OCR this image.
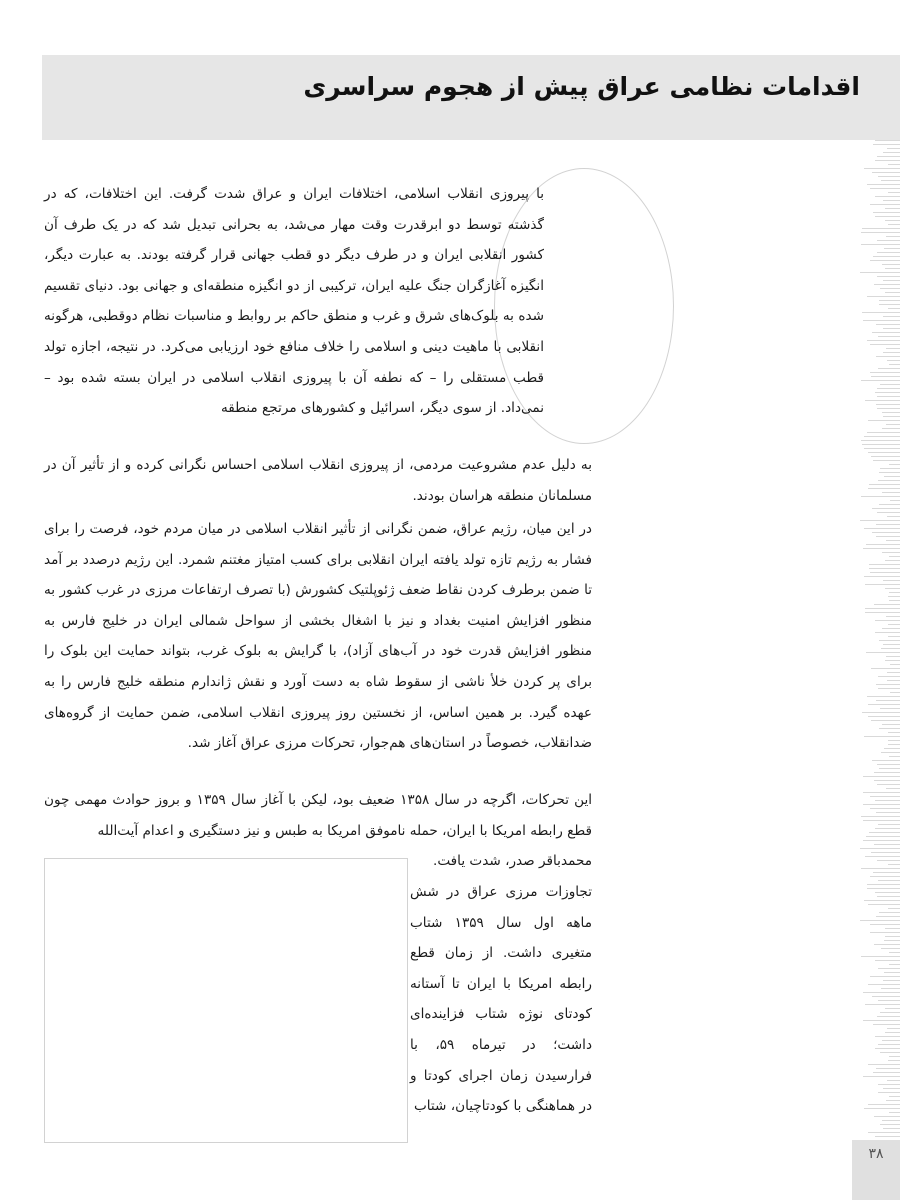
اقدامات نظامی عراق پیش از هجوم سراسری

با پیروزی انقلاب اسلامی، اختلافات ایران و عراق شدت گرفت. این اختلافات، که در گذشته توسط دو ابرقدرت وقت مهار می‌شد، به بحرانی تبدیل شد که در یک طرف آن کشور انقلابی ایران و در طرف دیگر دو قطب جهانی قرار گرفته بودند. به عبارت دیگر، انگیزه آغازگران جنگ علیه ایران، ترکیبی از دو انگیزه منطقه‌ای و جهانی بود. دنیای تقسیم شده به بلوک‌های شرق و غرب و منطق حاکم بر روابط و مناسبات نظام دوقطبی، هرگونه انقلابی با ماهیت دینی و اسلامی را خلاف منافع خود ارزیابی می‌کرد. در نتیجه، اجازه تولد قطب مستقلی را – که نطفه آن با پیروزی انقلاب اسلامی در ایران بسته شده بود – نمی‌داد. از سوی دیگر، اسرائیل و کشورهای مرتجع منطقه

به دلیل عدم مشروعیت مردمی، از پیروزی انقلاب اسلامی احساس نگرانی کرده و از تأثیر آن در مسلمانان منطقه هراسان بودند.

در این میان، رژیم عراق، ضمن نگرانی از تأثیر انقلاب اسلامی در میان مردم خود، فرصت را برای فشار به رژیم تازه تولد یافته ایران انقلابی برای کسب امتیاز مغتنم شمرد. این رژیم درصدد بر آمد تا ضمن برطرف کردن نقاط ضعف ژئوپلتیک کشورش (با تصرف ارتفاعات مرزی در غرب کشور به منظور افزایش امنیت بغداد و نیز با اشغال بخشی از سواحل شمالی ایران در خلیج فارس به منظور افزایش قدرت خود در آب‌های آزاد)، با گرایش به بلوک غرب، بتواند حمایت این بلوک را برای پر کردن خلأ ناشی از سقوط شاه به دست آورد و نقش ژاندارم منطقه خلیج فارس را به عهده گیرد. بر همین اساس، از نخستین روز پیروزی انقلاب اسلامی، ضمن حمایت از گروه‌های ضدانقلاب، خصوصاً در استان‌های هم‌جوار، تحرکات مرزی عراق آغاز شد.

این تحرکات، اگرچه در سال ۱۳۵۸ ضعیف بود، لیکن با آغاز سال ۱۳۵۹ و بروز حوادث مهمی چون قطع رابطه امریکا با ایران، حمله ناموفق امریکا به طبس و نیز دستگیری و اعدام آیت‌الله

محمدباقر صدر، شدت یافت.

تجاوزات مرزی عراق در شش ماهه اول سال ۱۳۵۹ شتاب متغیری داشت. از زمان قطع رابطه امریکا با ایران تا آستانه کودتای نوژه شتاب فزاینده‌ای داشت؛ در تیرماه ۵۹، با فرارسیدن زمان اجرای کودتا و در هماهنگی با کودتاچیان، شتاب

۳۸
